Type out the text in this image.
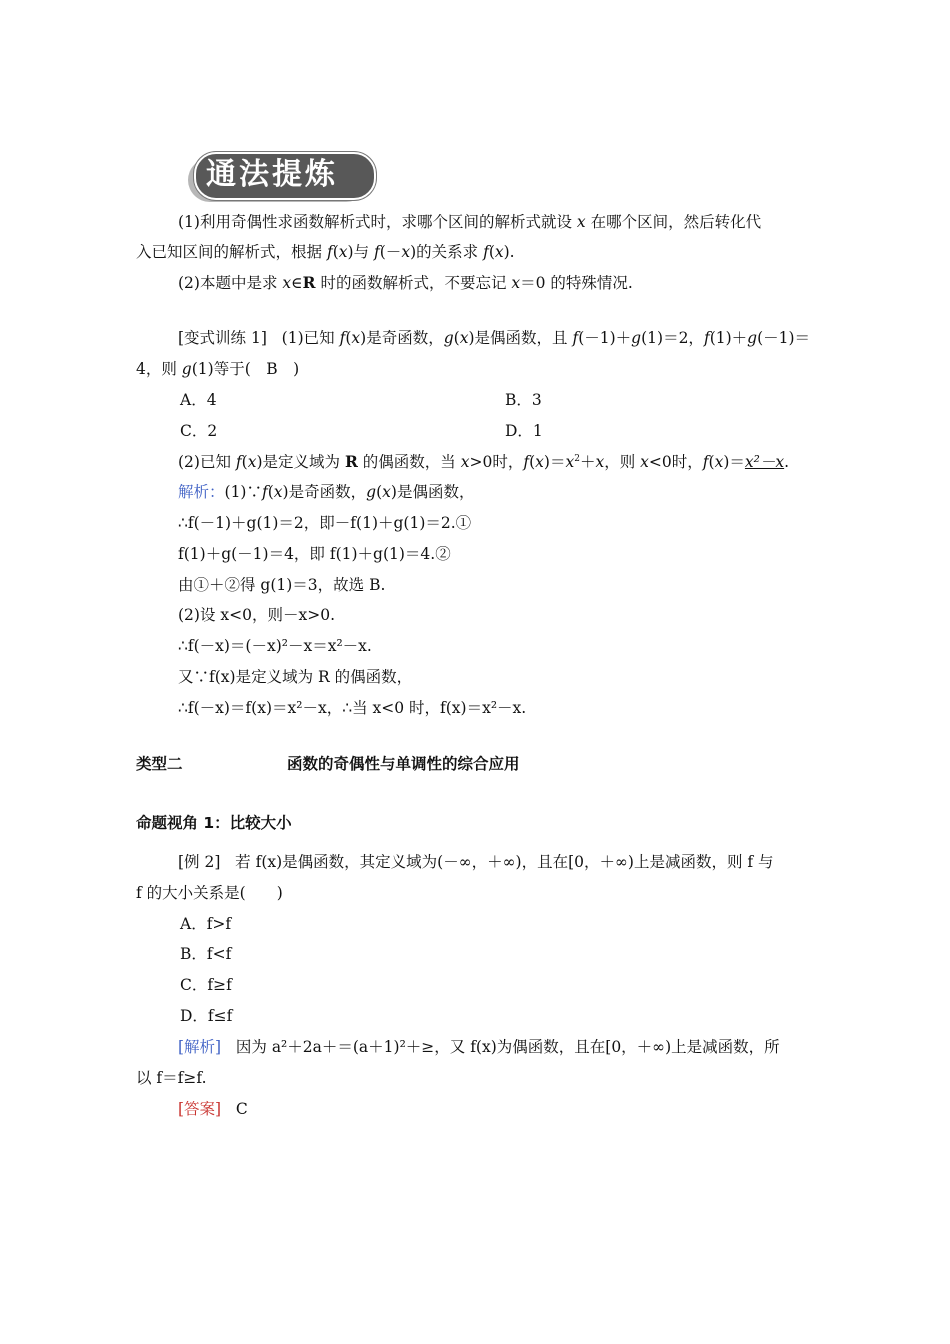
通法提炼
(1)利用奇偶性求函数解析式时，求哪个区间的解析式就设 x 在哪个区间，然后转化代
入已知区间的解析式，根据 f(x)与 f(－x)的关系求 f(x).
(2)本题中是求 x∈R 时的函数解析式，不要忘记 x＝0 的特殊情况.
[变式训练 1] (1)已知 f(x)是奇函数，g(x)是偶函数，且 f(－1)＋g(1)＝2，f(1)＋g(－1)＝
4，则 g(1)等于(　B　)
A．4	B．3
C．2	D．1
(2)已知 f(x)是定义域为 R 的偶函数，当 x>0时，$f(x)=x^2+x$，则 x<0时，f(x)＝x²－x.
解析：(1)∵f(x)是奇函数，g(x)是偶函数，
∴f(－1)＋g(1)＝2，即－f(1)＋g(1)＝2.①
f(1)＋g(－1)＝4，即 f(1)＋g(1)＝4.②
由①＋②得 g(1)＝3，故选 B.
(2)设 x<0，则－x>0.
∴f(－x)＝(－x)²－x＝x²－x.
又∵f(x)是定义域为 R 的偶函数，
∴f(－x)＝f(x)＝x²－x，∴当 x<0 时，f(x)＝x²－x.
类型二	函数的奇偶性与单调性的综合应用
命题视角 1：比较大小
[例 2] 若 f(x)是偶函数，其定义域为(－∞，＋∞)，且在[0，＋∞)上是减函数，则 f 与
f 的大小关系是(　　)
A．f>f
B．f<f
C．f≥f
D．f≤f
[解析] 因为 a²＋2a＋＝(a＋1)²＋≥，又 f(x)为偶函数，且在[0，＋∞)上是减函数，所
以 f＝f≥f.
[答案] C
